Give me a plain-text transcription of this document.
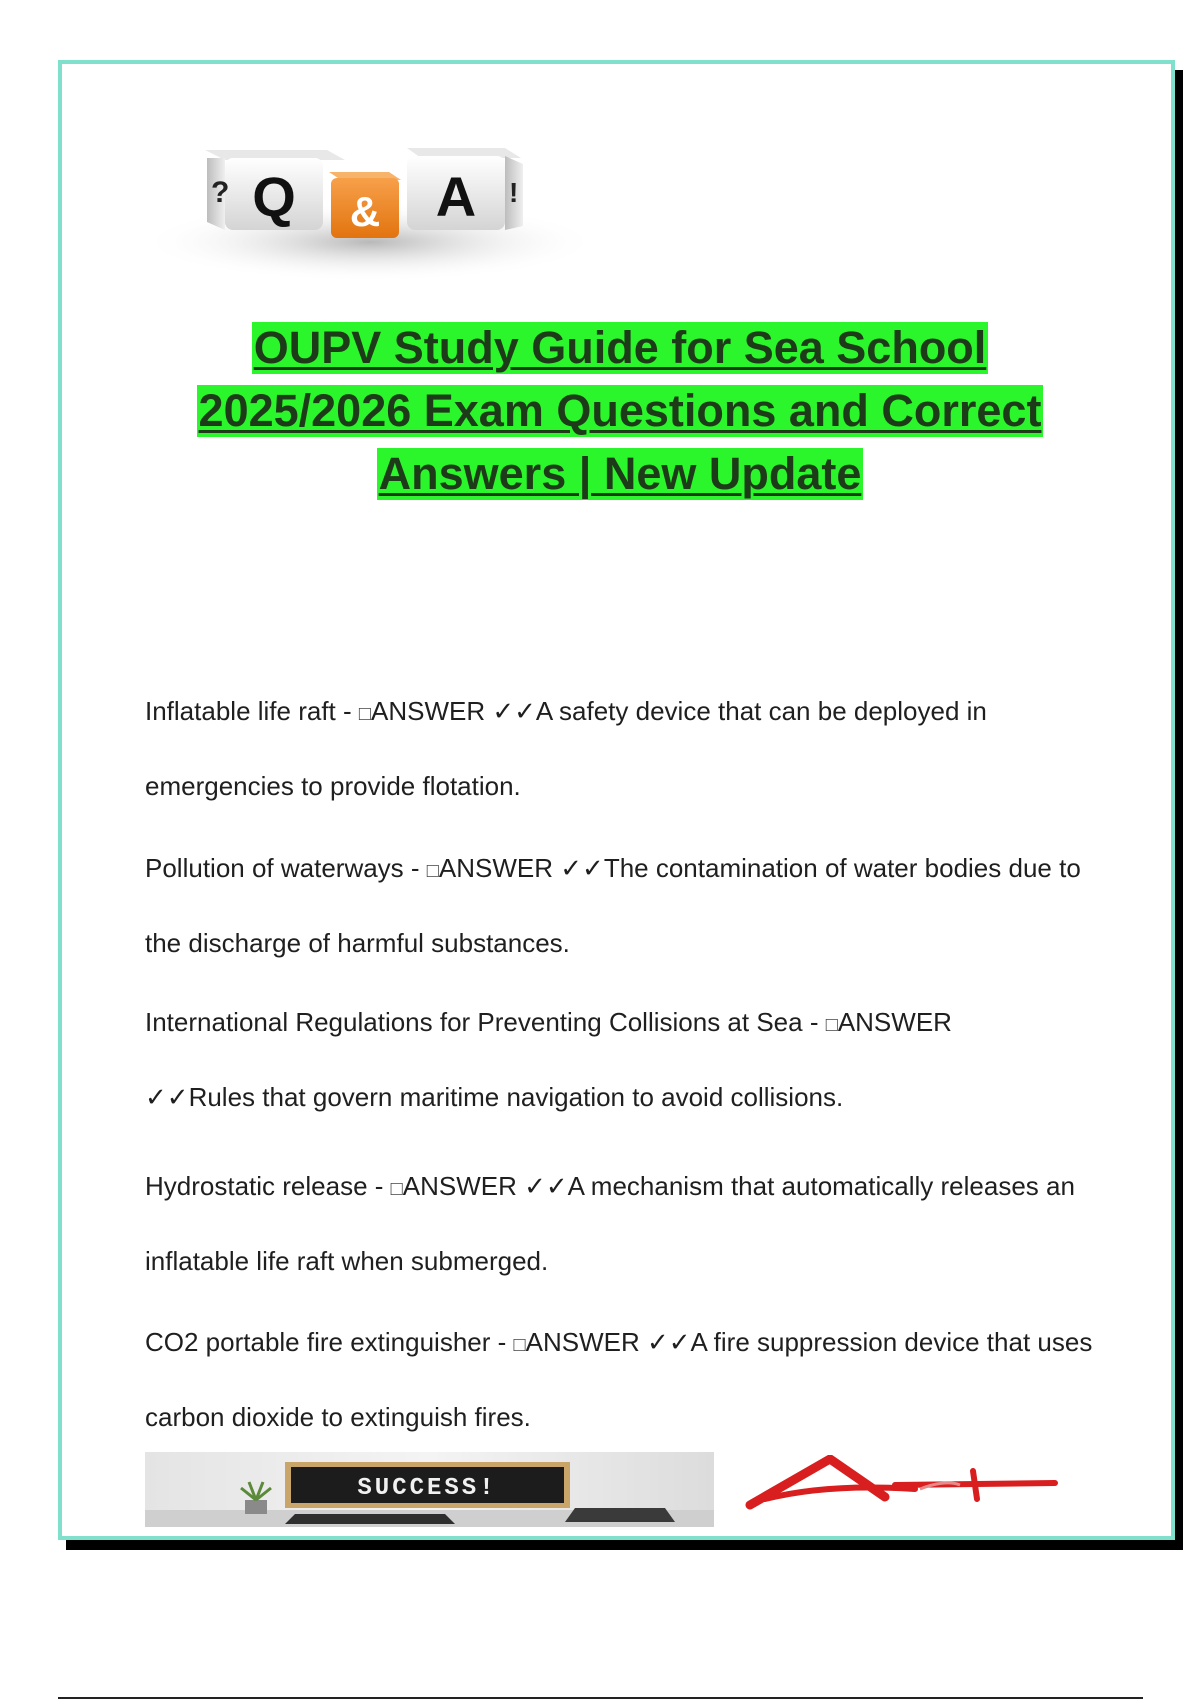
? Q & A !
OUPV Study Guide for Sea School
2025/2026 Exam Questions and Correct
Answers | New Update
Inflatable life raft - □ANSWER ✓✓A safety device that can be deployed in emergencies to provide flotation.
Pollution of waterways - □ANSWER ✓✓The contamination of water bodies due to the discharge of harmful substances.
International Regulations for Preventing Collisions at Sea - □ANSWER
✓✓Rules that govern maritime navigation to avoid collisions.
Hydrostatic release - □ANSWER ✓✓A mechanism that automatically releases an inflatable life raft when submerged.
CO2 portable fire extinguisher - □ANSWER ✓✓A fire suppression device that uses carbon dioxide to extinguish fires.
SUCCESS!
